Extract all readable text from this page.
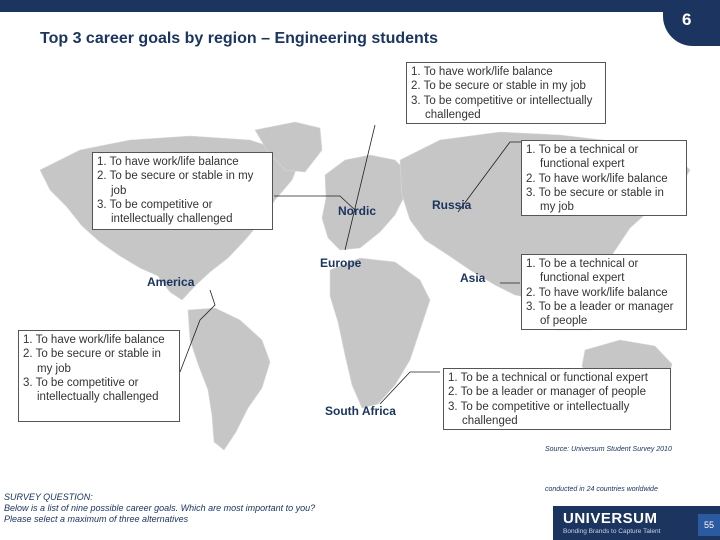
6
Top 3 career goals by region – Engineering students
1. To have work/life balance
2. To be secure or stable in my job
3. To be competitive or intellectually challenged
1. To have work/life balance
2. To be secure or stable in my job
3. To be competitive or intellectually challenged
1. To have work/life balance
2. To be secure or stable in my job
3. To be competitive or intellectually challenged
1. To be a technical or functional expert
2. To have work/life balance
3. To be secure or stable in my job
1. To be a technical or functional expert
2. To have work/life balance
3. To be a leader or manager of people
1. To be a technical or functional expert
2. To be a leader or manager of people
3. To be competitive or intellectually challenged
Nordic
Europe
America
Russia
Asia
South Africa
Source: Universum Student Survey 2010
conducted in 24 countries worldwide
SURVEY QUESTION:
Below is a list of nine possible career goals. Which are most important to you?
Please select a maximum of three alternatives	UNIVERSUM
Bonding Brands to Capture Talent
55
